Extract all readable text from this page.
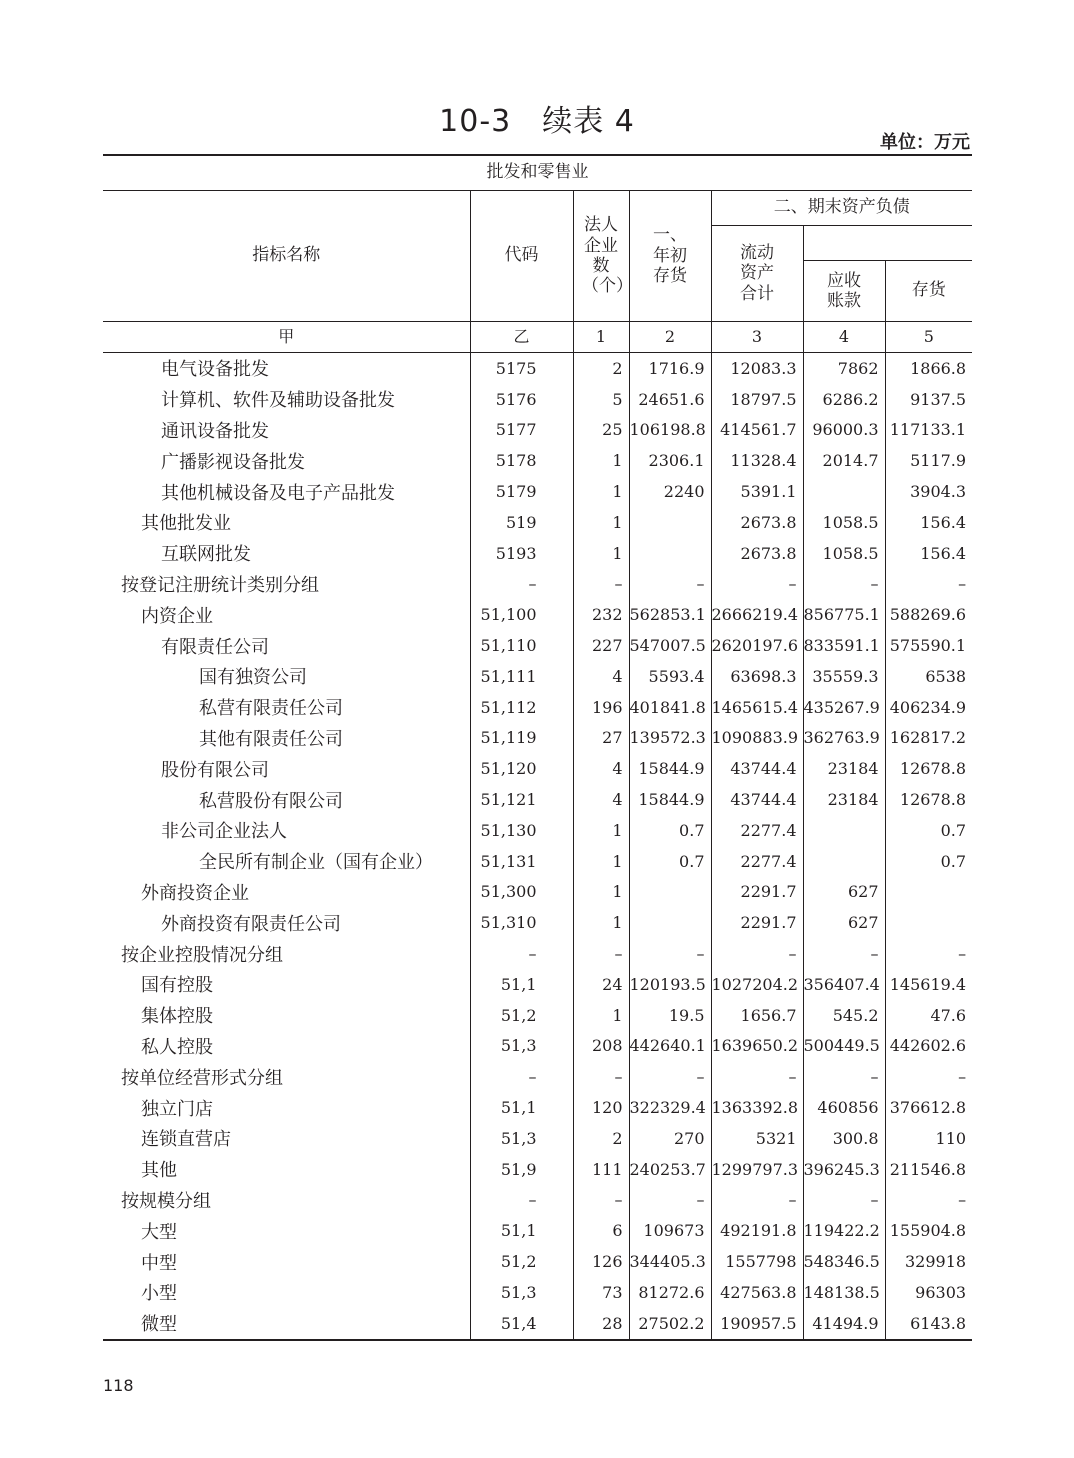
10-3　续表 4
单位：万元
批发和零售业						
指标名称	代码	法人企业数（个）	一、年初存货	二、期末资产负债		
				流动资产合计		
					应收账款	存货
甲	乙	1	2	3	4	5
电气设备批发	5175	2	1716.9	12083.3	7862	1866.8
计算机、软件及辅助设备批发	5176	5	24651.6	18797.5	6286.2	9137.5
通讯设备批发	5177	25	106198.8	414561.7	96000.3	117133.1
广播影视设备批发	5178	1	2306.1	11328.4	2014.7	5117.9
其他机械设备及电子产品批发	5179	1	2240	5391.1		3904.3
其他批发业	519	1		2673.8	1058.5	156.4
互联网批发	5193	1		2673.8	1058.5	156.4
按登记注册统计类别分组	–	–	–	–	–	–
内资企业	51,100	232	562853.1	2666219.4	856775.1	588269.6
有限责任公司	51,110	227	547007.5	2620197.6	833591.1	575590.1
国有独资公司	51,111	4	5593.4	63698.3	35559.3	6538
私营有限责任公司	51,112	196	401841.8	1465615.4	435267.9	406234.9
其他有限责任公司	51,119	27	139572.3	1090883.9	362763.9	162817.2
股份有限公司	51,120	4	15844.9	43744.4	23184	12678.8
私营股份有限公司	51,121	4	15844.9	43744.4	23184	12678.8
非公司企业法人	51,130	1	0.7	2277.4		0.7
全民所有制企业（国有企业）	51,131	1	0.7	2277.4		0.7
外商投资企业	51,300	1		2291.7	627	
外商投资有限责任公司	51,310	1		2291.7	627	
按企业控股情况分组	–	–	–	–	–	–
国有控股	51,1	24	120193.5	1027204.2	356407.4	145619.4
集体控股	51,2	1	19.5	1656.7	545.2	47.6
私人控股	51,3	208	442640.1	1639650.2	500449.5	442602.6
按单位经营形式分组	–	–	–	–	–	–
独立门店	51,1	120	322329.4	1363392.8	460856	376612.8
连锁直营店	51,3	2	270	5321	300.8	110
其他	51,9	111	240253.7	1299797.3	396245.3	211546.8
按规模分组	–	–	–	–	–	–
大型	51,1	6	109673	492191.8	119422.2	155904.8
中型	51,2	126	344405.3	1557798	548346.5	329918
小型	51,3	73	81272.6	427563.8	148138.5	96303
微型	51,4	28	27502.2	190957.5	41494.9	6143.8
118
